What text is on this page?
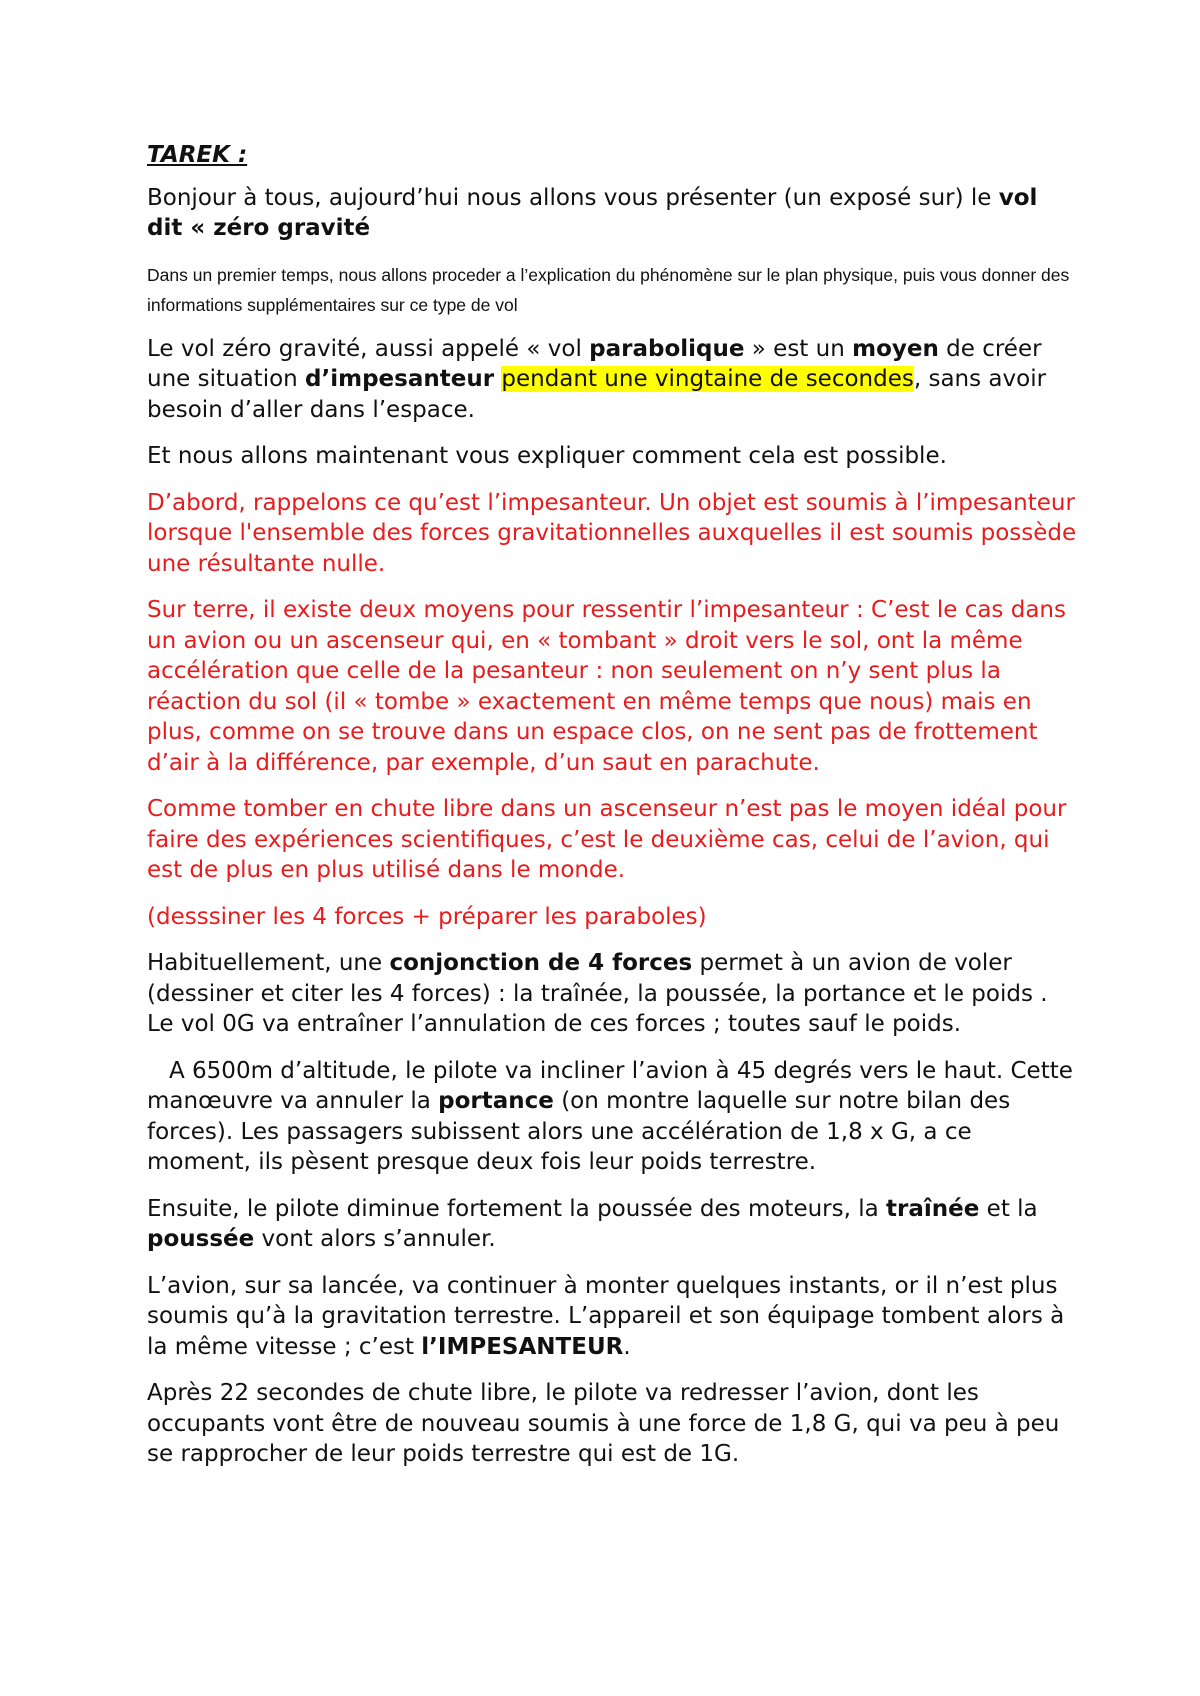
TAREK :

Bonjour à tous, aujourd’hui nous allons vous présenter (un exposé sur) le vol dit « zéro gravité

Dans un premier temps, nous allons proceder a l’explication du phénomène sur le plan physique, puis vous donner des informations supplémentaires sur ce type de vol

Le vol zéro gravité, aussi appelé « vol parabolique » est un moyen de créer une situation d’impesanteur pendant une vingtaine de secondes, sans avoir besoin d’aller dans l’espace.

Et nous allons maintenant vous expliquer comment cela est possible.

D’abord, rappelons ce qu’est l’impesanteur. Un objet est soumis à l’impesanteur lorsque l'ensemble des forces gravitationnelles auxquelles il est soumis possède une résultante nulle.

Sur terre, il existe deux moyens pour ressentir l’impesanteur : C’est le cas dans un avion ou un ascenseur qui, en « tombant » droit vers le sol, ont la même accélération que celle de la pesanteur : non seulement on n’y sent plus la réaction du sol (il « tombe » exactement en même temps que nous) mais en plus, comme on se trouve dans un espace clos, on ne sent pas de frottement d’air à la différence, par exemple, d’un saut en parachute.

Comme tomber en chute libre dans un ascenseur n’est pas le moyen idéal pour faire des expériences scientifiques, c’est le deuxième cas, celui de l’avion, qui est de plus en plus utilisé dans le monde.

(desssiner les 4 forces + préparer les paraboles)

Habituellement, une conjonction de 4 forces permet à un avion de voler (dessiner et citer les 4 forces) : la traînée, la poussée, la portance et le poids . Le vol 0G va entraîner l’annulation de ces forces ; toutes sauf le poids.

A 6500m d’altitude, le pilote va incliner l’avion à 45 degrés vers le haut. Cette manœuvre va annuler la portance (on montre laquelle sur notre bilan des forces). Les passagers subissent alors une accélération de 1,8 x G, a ce moment, ils pèsent presque deux fois leur poids terrestre.

Ensuite, le pilote diminue fortement la poussée des moteurs, la traînée et la poussée vont alors s’annuler.

L’avion, sur sa lancée, va continuer à monter quelques instants, or il n’est plus soumis qu’à la gravitation terrestre. L’appareil et son équipage tombent alors à la même vitesse ; c’est l’IMPESANTEUR.

Après 22 secondes de chute libre, le pilote va redresser l’avion, dont les occupants vont être de nouveau soumis à une force de 1,8 G, qui va peu à peu se rapprocher de leur poids terrestre qui est de 1G.
